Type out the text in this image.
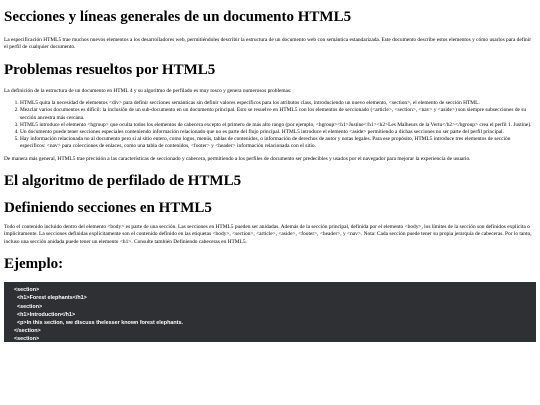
Secciones y líneas generales de un documento HTML5

La especificación HTML5 trae muchos nuevos elementos a los desarrolladores web, permitiéndoles describir la estructura de un documento web con semántica estandarizada. Este documento describe estos elementos y cómo usarlos para definir el perfil de cualquier documento.

Problemas resueltos por HTML5

La definición de la estructura de un documento en HTML 4 y su algoritmo de perfilado es muy tosco y genera numerosos problemas:

1. HTML5 quita la necesidad de elementos <div> para definir secciones semánticas sin definir valores específicos para los atributos class, introduciendo un nuevo elemento, <section>, el elemento de sección HTML.
2. Mezclar varios documentos es difícil: la inclusión de un sub-documento en un documento principal. Esto se resuelve en HTML5 con los elementos de seccionado (<article>, <section>, <nav> y <aside>) son siempre subsecciones de su sección ancestra más cercana.
3. HTML5 introduce el elemento <hgroup> que oculta todos los elementos de cabecera excepto el primero de más alto rango (por ejemplo, <hgroup><h1>Justine</h1><h2>Les Malheurs de la Vertu</h2></hgroup> crea el perfil 1. Justine).
4. Un documento puede tener secciones especiales conteniendo información relacionado que no es parte del flujo principal. HTML5 introduce el elemento <aside> permitiendo a dichas secciones no ser parte del perfil principal.
5. Hay información relacionada no al documento pero si al sitio entero, como logos, menús, tablas de contenidos, o información de derechos de autor y notas legales. Para ese propósito, HTML5 introduce tres elementos de sección específicos: <nav> para colecciones de enlaces, como una tabla de contenidos, <footer> y <header> información relacionada con el sitio.

De manera más general, HTML5 trae precisión a las características de seccionado y cabecera, permitiendo a los perfiles de documento ser predecibles y usados por el navegador para mejorar la experiencia de usuario.

El algoritmo de perfilado de HTML5
Definiendo secciones en HTML5

Todo el contenido incluido dentro del elemento <body> es parte de una sección. Las secciones en HTML5 pueden ser anidadas. Además de la sección principal, definida por el elemento <body>, los límites de la sección son definidos explícita o implícitamente. La secciones definidas explícitamente son el contenido definido en las etiquetas <body>, <section>, <article>, <aside>, <footer>, <header>, y <nav>. Nota: Cada sección puede tener su propia jerarquía de cabeceras. Por lo tanto, incluso una sección anidada puede tener un elemento <h1>. Consulte también Definiendo cabeceras en HTML5.

Ejemplo:
<section>
<h1>Forest elephants</h1>
<section>
<h1>Introduction</h1>
<p>In this section, we discuss thelesser known forest elephants.
</section>
<section>
<h1>Habitat</h1>
<p>Forest elephants do not live in trees but among them.
</section>
